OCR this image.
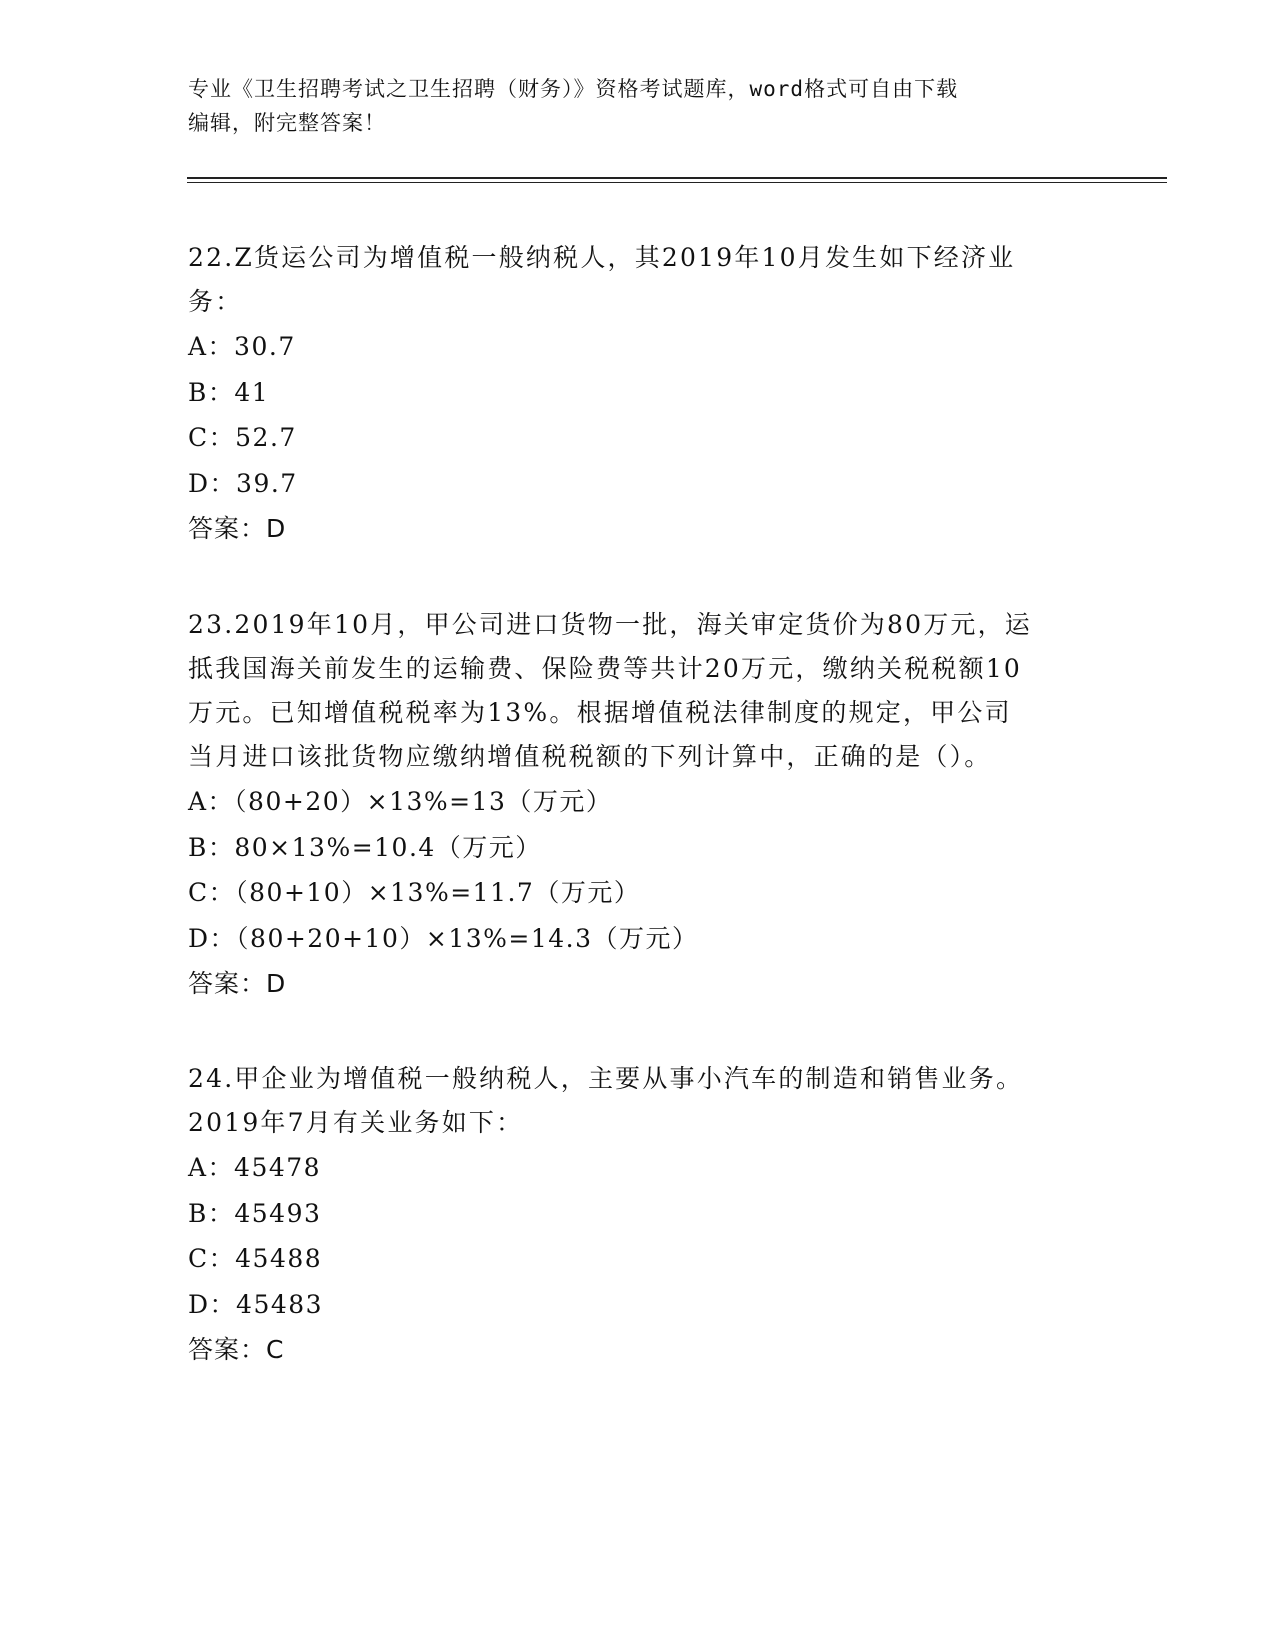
专业《卫生招聘考试之卫生招聘（财务）》资格考试题库，word格式可自由下载
编辑，附完整答案！

22.Z货运公司为增值税一般纳税人，其2019年10月发生如下经济业

务：

A：30.7

B：41

C：52.7

D：39.7

答案：D

23.2019年10月，甲公司进口货物一批，海关审定货价为80万元，运

抵我国海关前发生的运输费、保险费等共计20万元，缴纳关税税额10

万元。已知增值税税率为13%。根据增值税法律制度的规定，甲公司

当月进口该批货物应缴纳增值税税额的下列计算中，正确的是（）。

A：（80+20）×13%=13（万元）

B：80×13%=10.4（万元）

C：（80+10）×13%=11.7（万元）

D：（80+20+10）×13%=14.3（万元）

答案：D

24.甲企业为增值税一般纳税人，主要从事小汽车的制造和销售业务。

2019年7月有关业务如下：

A：45478

B：45493

C：45488

D：45483

答案：C
